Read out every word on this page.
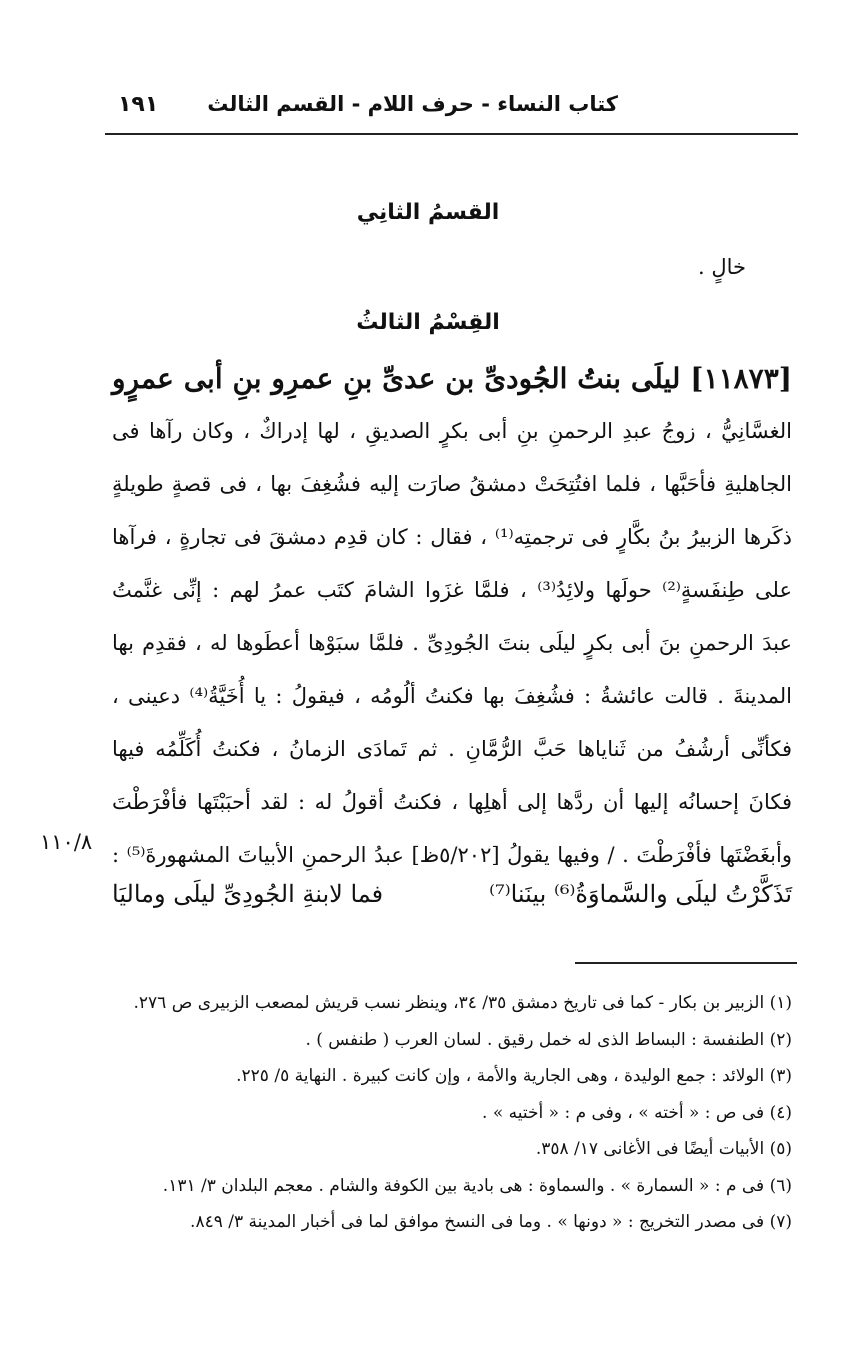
١٩١ كتاب النساء - حرف اللام - القسم الثالث
القسمُ الثانِي
خالٍ .
القِسْمُ الثالثُ
[١١٨٧٣] ليلَى بنتُ الجُودىِّ بن عدىِّ بنِ عمرِو بنِ أبى عمرٍو
الغسَّانِيُّ ، زوجُ عبدِ الرحمنِ بنِ أبى بكرٍ الصديقِ ، لها إدراكٌ ، وكان رآها فى
الجاهليةِ فأحَبَّها ، فلما افتُتِحَتْ دمشقُ صارَت إليه فشُغِفَ بها ، فى قصةٍ طويلةٍ
ذكَرها الزبيرُ بنُ بكَّارٍ فى ترجمتِه⁽¹⁾ ، فقال : كان قدِم دمشقَ فى تجارةٍ ، فرآها
على طِنفَسةٍ⁽²⁾ حولَها ولائِدُ⁽³⁾ ، فلمَّا غزَوا الشامَ كتَب عمرُ لهم : إنِّى غنَّمتُ
عبدَ الرحمنِ بنَ أبى بكرٍ ليلَى بنتَ الجُودِىِّ . فلمَّا سبَوْها أعطَوها له ، فقدِم بها
المدينةَ . قالت عائشةُ : فشُغِفَ بها فكنتُ ألُومُه ، فيقولُ : يا أُخَيَّةُ⁽⁴⁾ دعينى ،
فكأنِّى أرشُفُ من ثَناياها حَبَّ الرُّمَّانِ . ثم تَمادَى الزمانُ ، فكنتُ أُكَلِّمُه فيها
فكانَ إحسانُه إليها أن ردَّها إلى أهلِها ، فكنتُ أقولُ له : لقد أحبَبْتَها فأفْرَطْتَ
وأبغَضْتَها فأفْرَطْتَ . / وفيها يقولُ [٥/٢٠٢ظ] عبدُ الرحمنِ الأبياتَ المشهورةَ⁽⁵⁾ :
١١٠/٨
تَذَكَّرْتُ ليلَى والسَّماوَةُ⁽⁶⁾ بينَنا⁽⁷⁾
فما لابنةِ الجُودِىِّ ليلَى وماليَا
(١) الزبير بن بكار - كما فى تاريخ دمشق ٣٥/ ٣٤، وينظر نسب قريش لمصعب الزبيرى ص ٢٧٦.
(٢) الطنفسة : البساط الذى له خمل رقيق . لسان العرب ( طنفس ) .
(٣) الولائد : جمع الوليدة ، وهى الجارية والأمة ، وإن كانت كبيرة . النهاية ٥/ ٢٢٥.
(٤) فى ص : « أخته » ، وفى م : « أختيه » .
(٥) الأبيات أيضًا فى الأغانى ١٧/ ٣٥٨.
(٦) فى م : « السمارة » . والسماوة : هى بادية بين الكوفة والشام . معجم البلدان ٣/ ١٣١.
(٧) فى مصدر التخريج : « دونها » . وما فى النسخ موافق لما فى أخبار المدينة ٣/ ٨٤٩.
